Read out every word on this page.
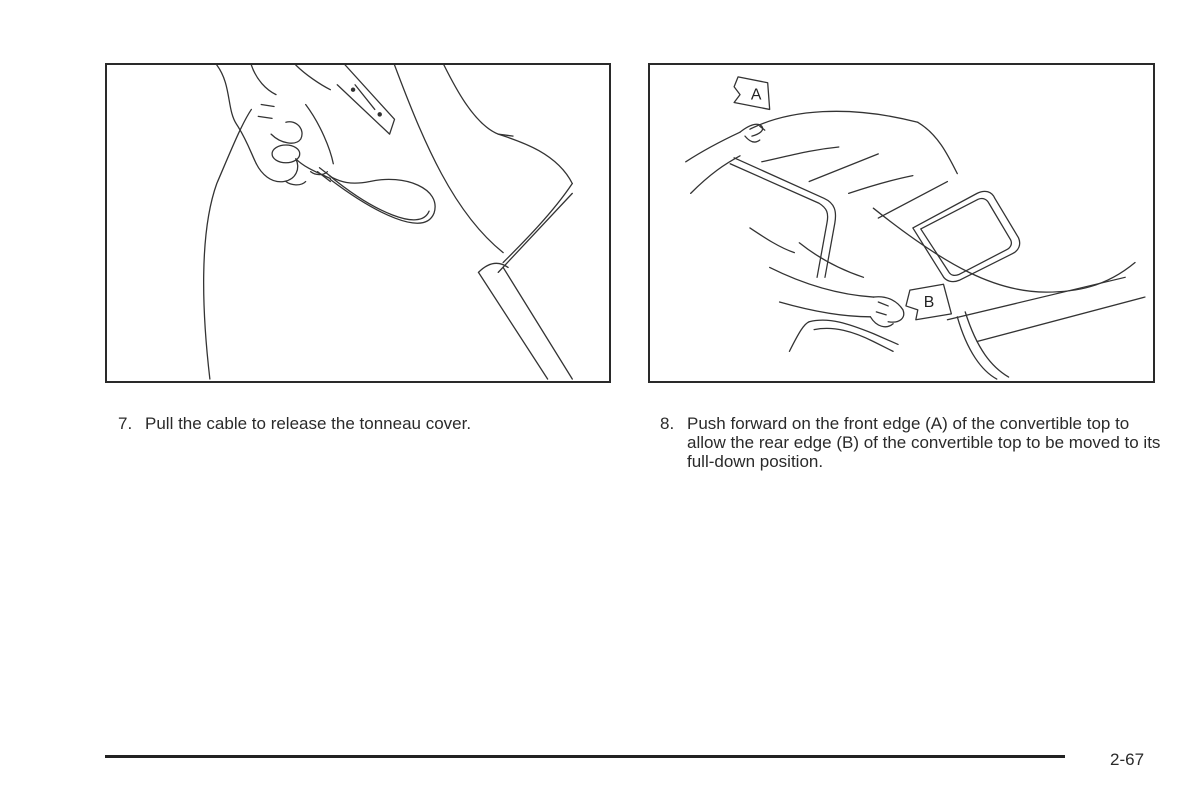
A
B
7. Pull the cable to release the tonneau cover.	8. Push forward on the front edge (A) of the convertible top to allow the rear edge (B) of the convertible top to be moved to its full-down position.
2-67
